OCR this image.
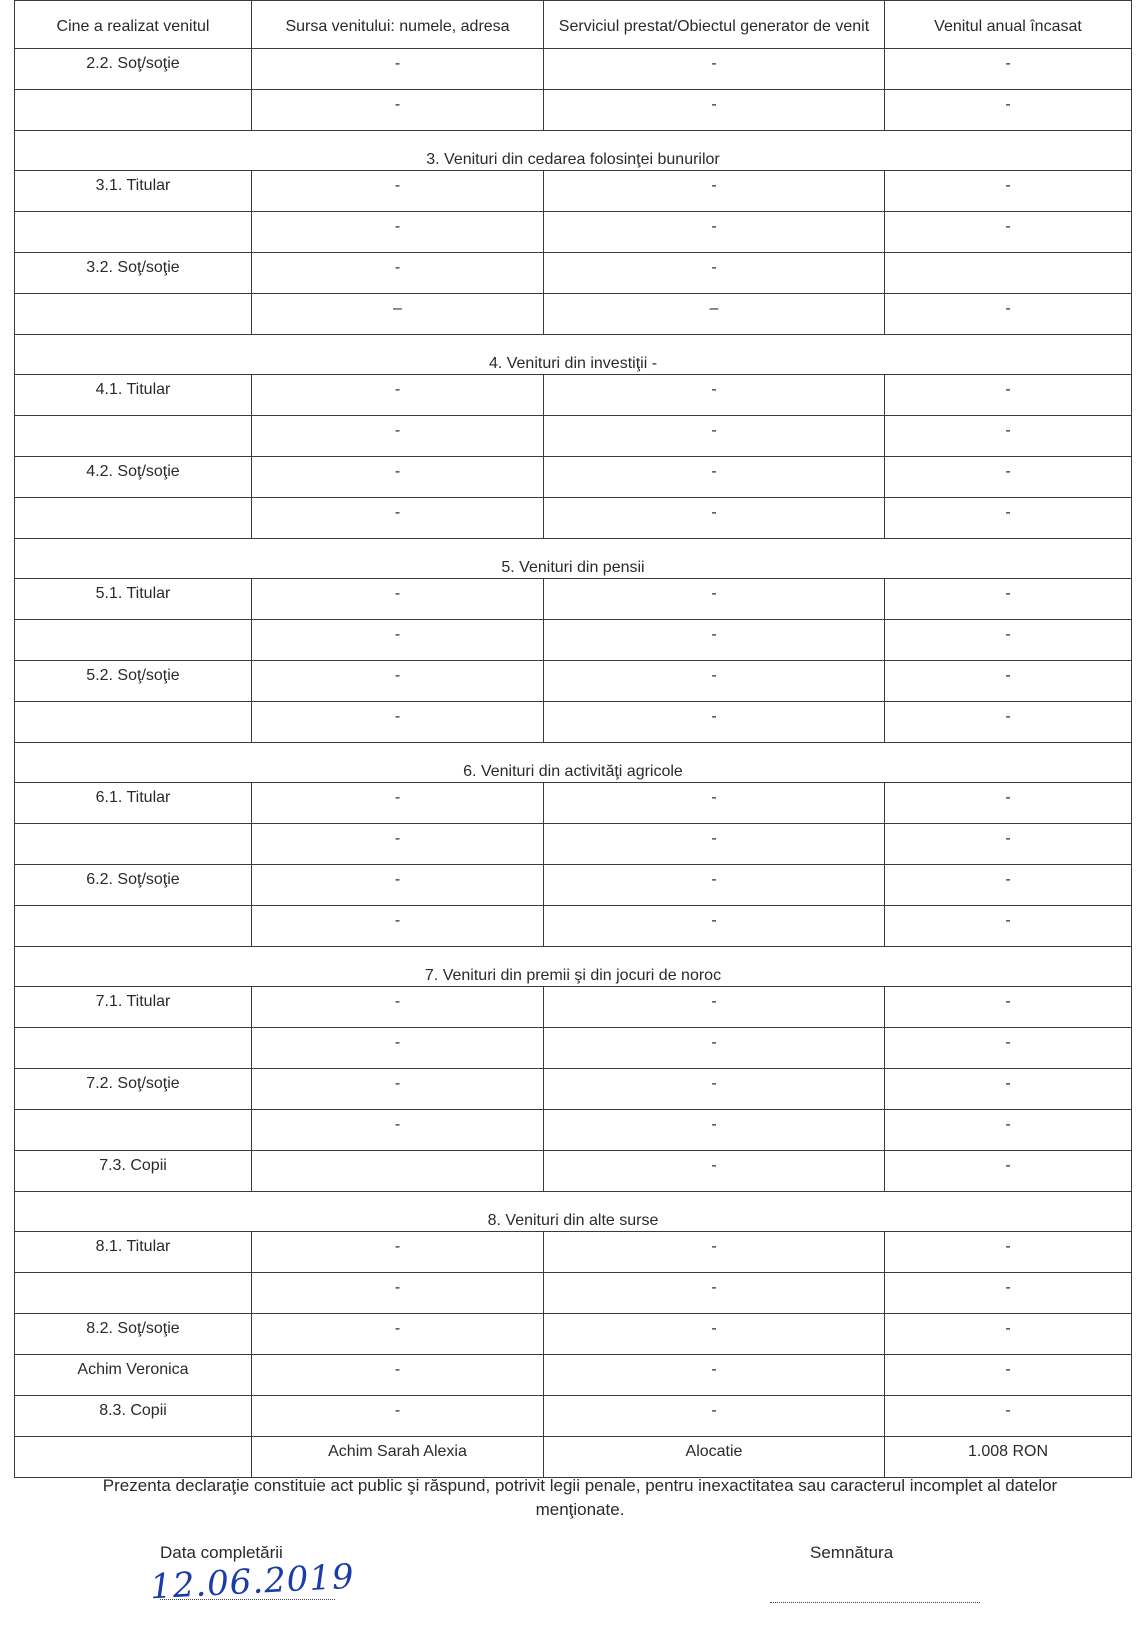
Cine a realizat venitul	Sursa venitului: numele, adresa	Serviciul prestat/Obiectul generator de venit	Venitul anual încasat
2.2. Soţ/soţie	-	-	-
	-	-	-
3. Venituri din cedarea folosinţei bunurilor			
3.1. Titular	-	-	-
	-	-	-
3.2. Soţ/soţie	-	-	
	–	–	-
4. Venituri din investiţii -			
4.1. Titular	-	-	-
	-	-	-
4.2. Soţ/soţie	-	-	-
	-	-	-
5. Venituri din pensii			
5.1. Titular	-	-	-
	-	-	-
5.2. Soţ/soţie	-	-	-
	-	-	-
6. Venituri din activităţi agricole			
6.1. Titular	-	-	-
	-	-	-
6.2. Soţ/soţie	-	-	-
	-	-	-
7. Venituri din premii şi din jocuri de noroc			
7.1. Titular	-	-	-
	-	-	-
7.2. Soţ/soţie	-	-	-
	-	-	-
7.3. Copii		-	-
8. Venituri din alte surse			
8.1. Titular	-	-	-
	-	-	-
8.2. Soţ/soţie	-	-	-
Achim Veronica	-	-	-
8.3. Copii	-	-	-
	Achim Sarah Alexia	Alocatie	1.008 RON
Prezenta declaraţie constituie act public şi răspund, potrivit legii penale, pentru inexactitatea sau caracterul incomplet al datelor menţionate.
Data completării
12.06.2019
Semnătura
